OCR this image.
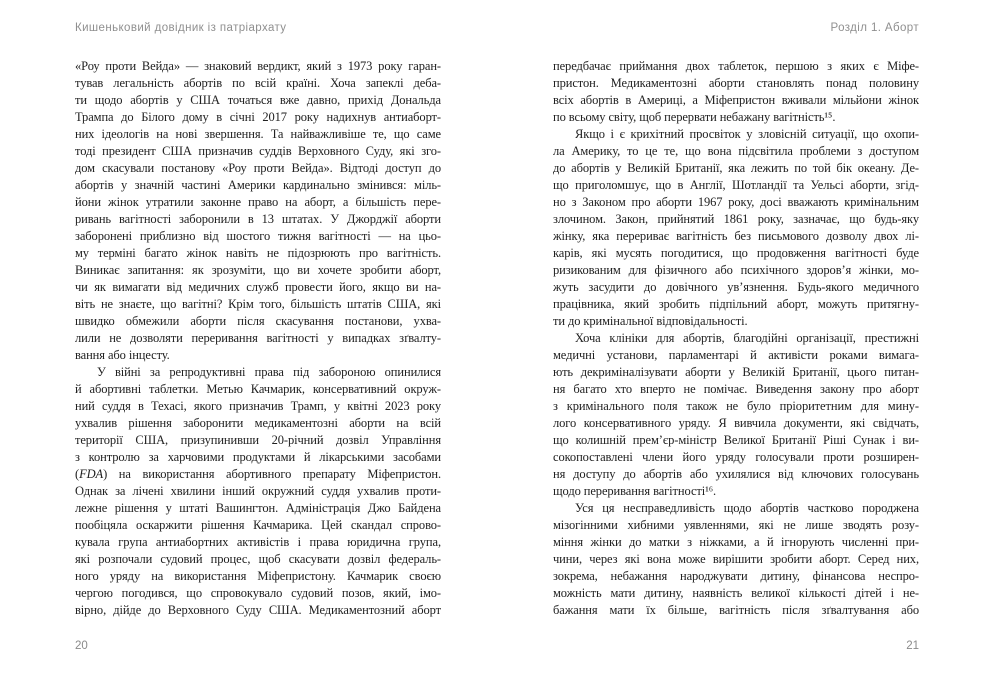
Кишеньковий довідник із патріархату	Розділ 1. Аборт
«Роу проти Вейда» — знаковий вердикт, який з 1973 року гаран-
тував легальність абортів по всій країні. Хоча запеклі деба-
ти щодо абортів у США точаться вже давно, прихід Дональда
Трампа до Білого дому в січні 2017 року надихнув антиаборт-
них ідеологів на нові звершення. Та найважливіше те, що саме
тоді президент США призначив суддів Верховного Суду, які зго-
дом скасували постанову «Роу проти Вейда». Відтоді доступ до
абортів у значній частині Америки кардинально змінився: міль-
йони жінок утратили законне право на аборт, а більшість пере-
ривань вагітності заборонили в 13 штатах. У Джорджії аборти
заборонені приблизно від шостого тижня вагітності — на цьо-
му терміні багато жінок навіть не підозрюють про вагітність.
Виникає запитання: як зрозуміти, що ви хочете зробити аборт,
чи як вимагати від медичних служб провести його, якщо ви на-
віть не знаєте, що вагітні? Крім того, більшість штатів США, які
швидко обмежили аборти після скасування постанови, ухва-
лили не дозволяти переривання вагітності у випадках зґвалту-
вання або інцесту.
У війні за репродуктивні права під забороною опинилися
й абортивні таблетки. Метью Качмарик, консервативний окруж-
ний суддя в Техасі, якого призначив Трамп, у квітні 2023 року
ухвалив рішення заборонити медикаментозні аборти на всій
території США, призупинивши 20-річний дозвіл Управління
з контролю за харчовими продуктами й лікарськими засобами
(FDA) на використання абортивного препарату Міфепристон.
Однак за лічені хвилини інший окружний суддя ухвалив проти-
лежне рішення у штаті Вашингтон. Адміністрація Джо Байдена
пообіцяла оскаржити рішення Качмарика. Цей скандал спрово-
кувала група антиабортних активістів і права юридична група,
які розпочали судовий процес, щоб скасувати дозвіл федераль-
ного уряду на використання Міфепристону. Качмарик своєю
чергою погодився, що спровокувало судовий позов, який, імо-
вірно, дійде до Верховного Суду США. Медикаментозний аборт
передбачає приймання двох таблеток, першою з яких є Міфе-
пристон. Медикаментозні аборти становлять понад половину
всіх абортів в Америці, а Міфепристон вживали мільйони жінок
по всьому світу, щоб перервати небажану вагітність¹⁵.
Якщо і є крихітний просвіток у зловісній ситуації, що охопи-
ла Америку, то це те, що вона підсвітила проблеми з доступом
до абортів у Великій Британії, яка лежить по той бік океану. Де-
що приголомшує, що в Англії, Шотландії та Уельсі аборти, згід-
но з Законом про аборти 1967 року, досі вважають кримінальним
злочином. Закон, прийнятий 1861 року, зазначає, що будь-яку
жінку, яка перериває вагітність без письмового дозволу двох лі-
карів, які мусять погодитися, що продовження вагітності буде
ризикованим для фізичного або психічного здоров’я жінки, мо-
жуть засудити до довічного ув’язнення. Будь-якого медичного
працівника, який зробить підпільний аборт, можуть притягну-
ти до кримінальної відповідальності.
Хоча клініки для абортів, благодійні організації, престижні
медичні установи, парламентарі й активісти роками вимага-
ють декриміналізувати аборти у Великій Британії, цього питан-
ня багато хто вперто не помічає. Виведення закону про аборт
з кримінального поля також не було пріоритетним для мину-
лого консервативного уряду. Я вивчила документи, які свідчать,
що колишній прем’єр-міністр Великої Британії Ріші Сунак і ви-
сокопоставлені члени його уряду голосували проти розширен-
ня доступу до абортів або ухилялися від ключових голосувань
щодо переривання вагітності¹⁶.
Уся ця несправедливість щодо абортів частково породжена
мізогінними хибними уявленнями, які не лише зводять розу-
міння жінки до матки з ніжками, а й ігнорують численні при-
чини, через які вона може вирішити зробити аборт. Серед них,
зокрема, небажання народжувати дитину, фінансова неспро-
можність мати дитину, наявність великої кількості дітей і не-
бажання мати їх більше, вагітність після зґвалтування або
20	21
